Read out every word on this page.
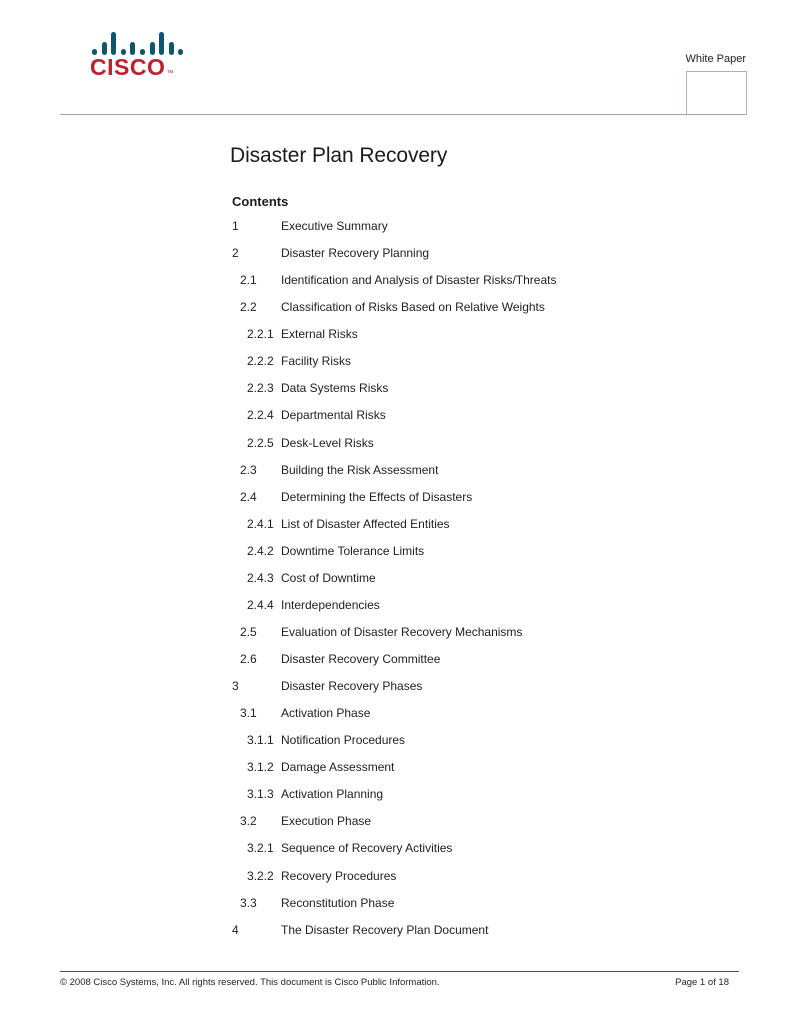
CISCO™
White Paper
Disaster Plan Recovery
Contents
1	Executive Summary
2	Disaster Recovery Planning
2.1 Identification and Analysis of Disaster Risks/Threats
2.2 Classification of Risks Based on Relative Weights
2.2.1 External Risks
2.2.2 Facility Risks
2.2.3 Data Systems Risks
2.2.4 Departmental Risks
2.2.5 Desk-Level Risks
2.3 Building the Risk Assessment
2.4 Determining the Effects of Disasters
2.4.1 List of Disaster Affected Entities
2.4.2 Downtime Tolerance Limits
2.4.3 Cost of Downtime
2.4.4 Interdependencies
2.5 Evaluation of Disaster Recovery Mechanisms
2.6 Disaster Recovery Committee
3	Disaster Recovery Phases
3.1 Activation Phase
3.1.1 Notification Procedures
3.1.2 Damage Assessment
3.1.3 Activation Planning
3.2 Execution Phase
3.2.1 Sequence of Recovery Activities
3.2.2 Recovery Procedures
3.3 Reconstitution Phase
4	The Disaster Recovery Plan Document
© 2008 Cisco Systems, Inc. All rights reserved. This document is Cisco Public Information.	Page 1 of 18
